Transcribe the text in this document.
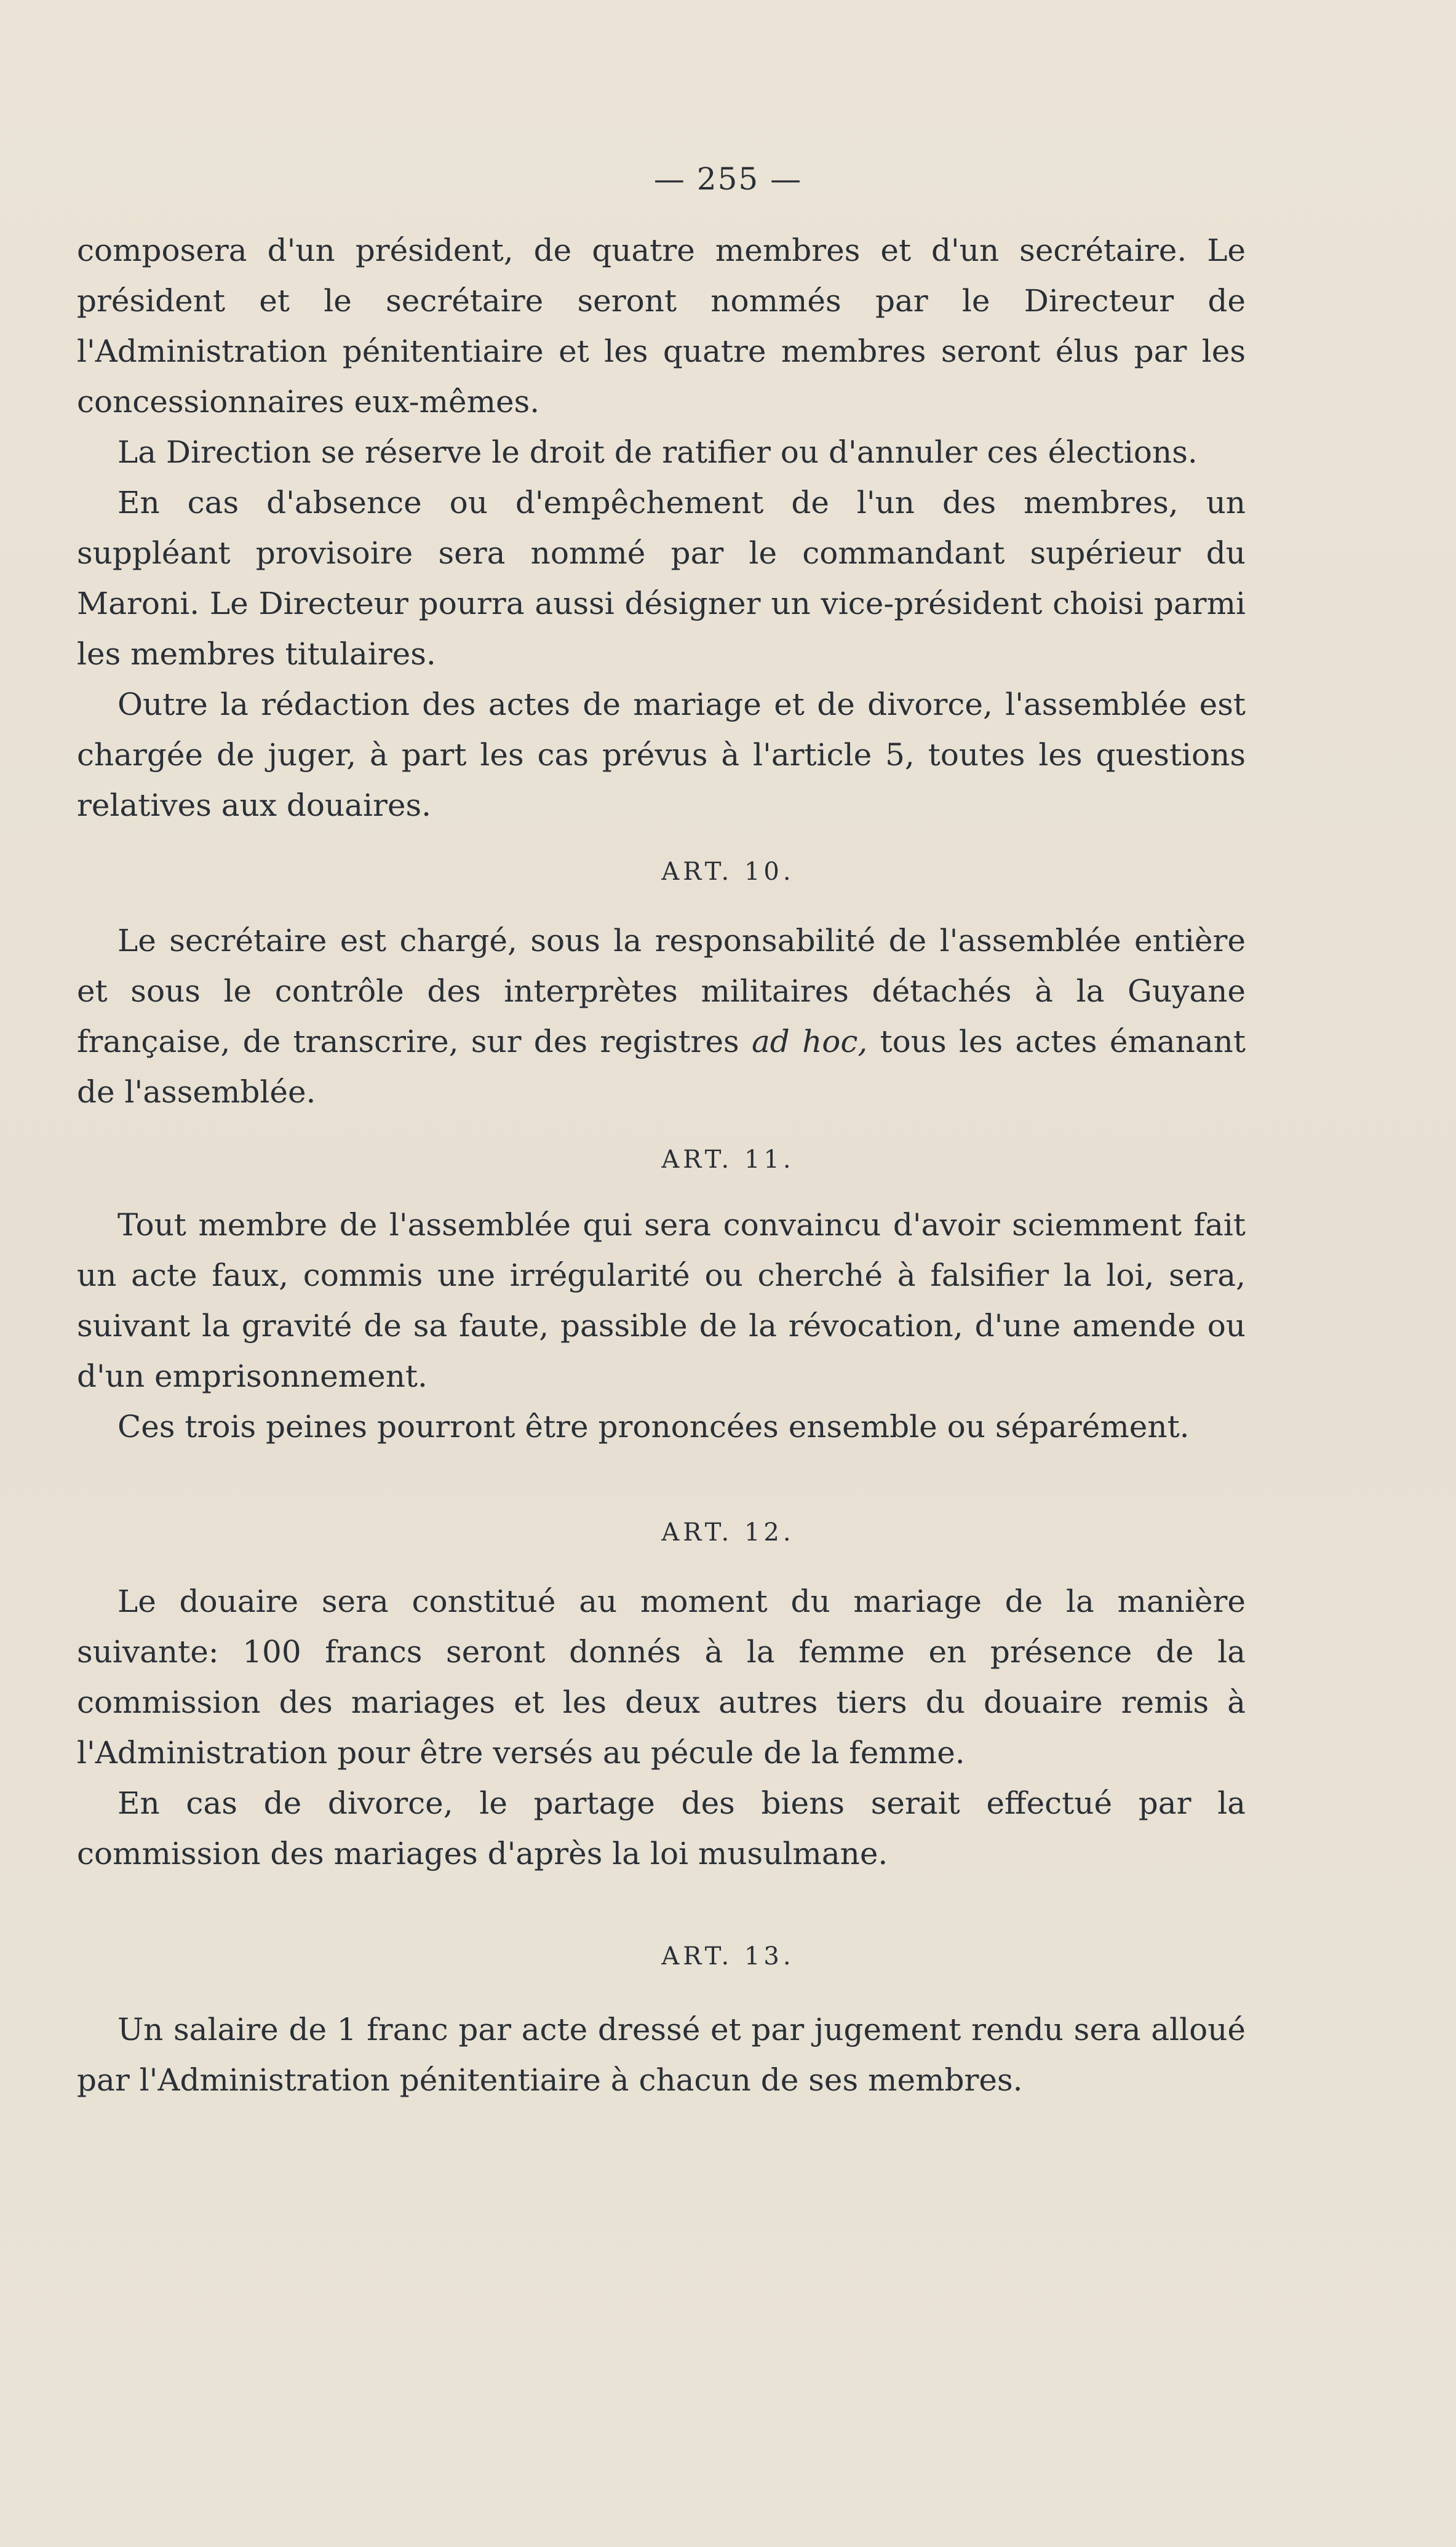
— 255 —

composera d'un président, de quatre membres et d'un secrétaire. Le président et le secrétaire seront nommés par le Directeur de l'Administration pénitentiaire et les quatre membres seront élus par les concessionnaires eux-mêmes.

La Direction se réserve le droit de ratifier ou d'annuler ces élections.

En cas d'absence ou d'empêchement de l'un des membres, un suppléant provisoire sera nommé par le commandant supérieur du Maroni. Le Directeur pourra aussi désigner un vice-président choisi parmi les membres titulaires.

Outre la rédaction des actes de mariage et de divorce, l'assemblée est chargée de juger, à part les cas prévus à l'article 5, toutes les questions relatives aux douaires.

ART. 10.

Le secrétaire est chargé, sous la responsabilité de l'assemblée entière et sous le contrôle des interprètes militaires détachés à la Guyane française, de transcrire, sur des registres ad hoc, tous les actes émanant de l'assemblée.

ART. 11.

Tout membre de l'assemblée qui sera convaincu d'avoir sciemment fait un acte faux, commis une irrégularité ou cherché à falsifier la loi, sera, suivant la gravité de sa faute, passible de la révocation, d'une amende ou d'un emprisonnement.

Ces trois peines pourront être prononcées ensemble ou séparément.

ART. 12.

Le douaire sera constitué au moment du mariage de la manière suivante: 100 francs seront donnés à la femme en présence de la commission des mariages et les deux autres tiers du douaire remis à l'Administration pour être versés au pécule de la femme.

En cas de divorce, le partage des biens serait effectué par la commission des mariages d'après la loi musulmane.

ART. 13.

Un salaire de 1 franc par acte dressé et par jugement rendu sera alloué par l'Administration pénitentiaire à chacun de ses membres.
